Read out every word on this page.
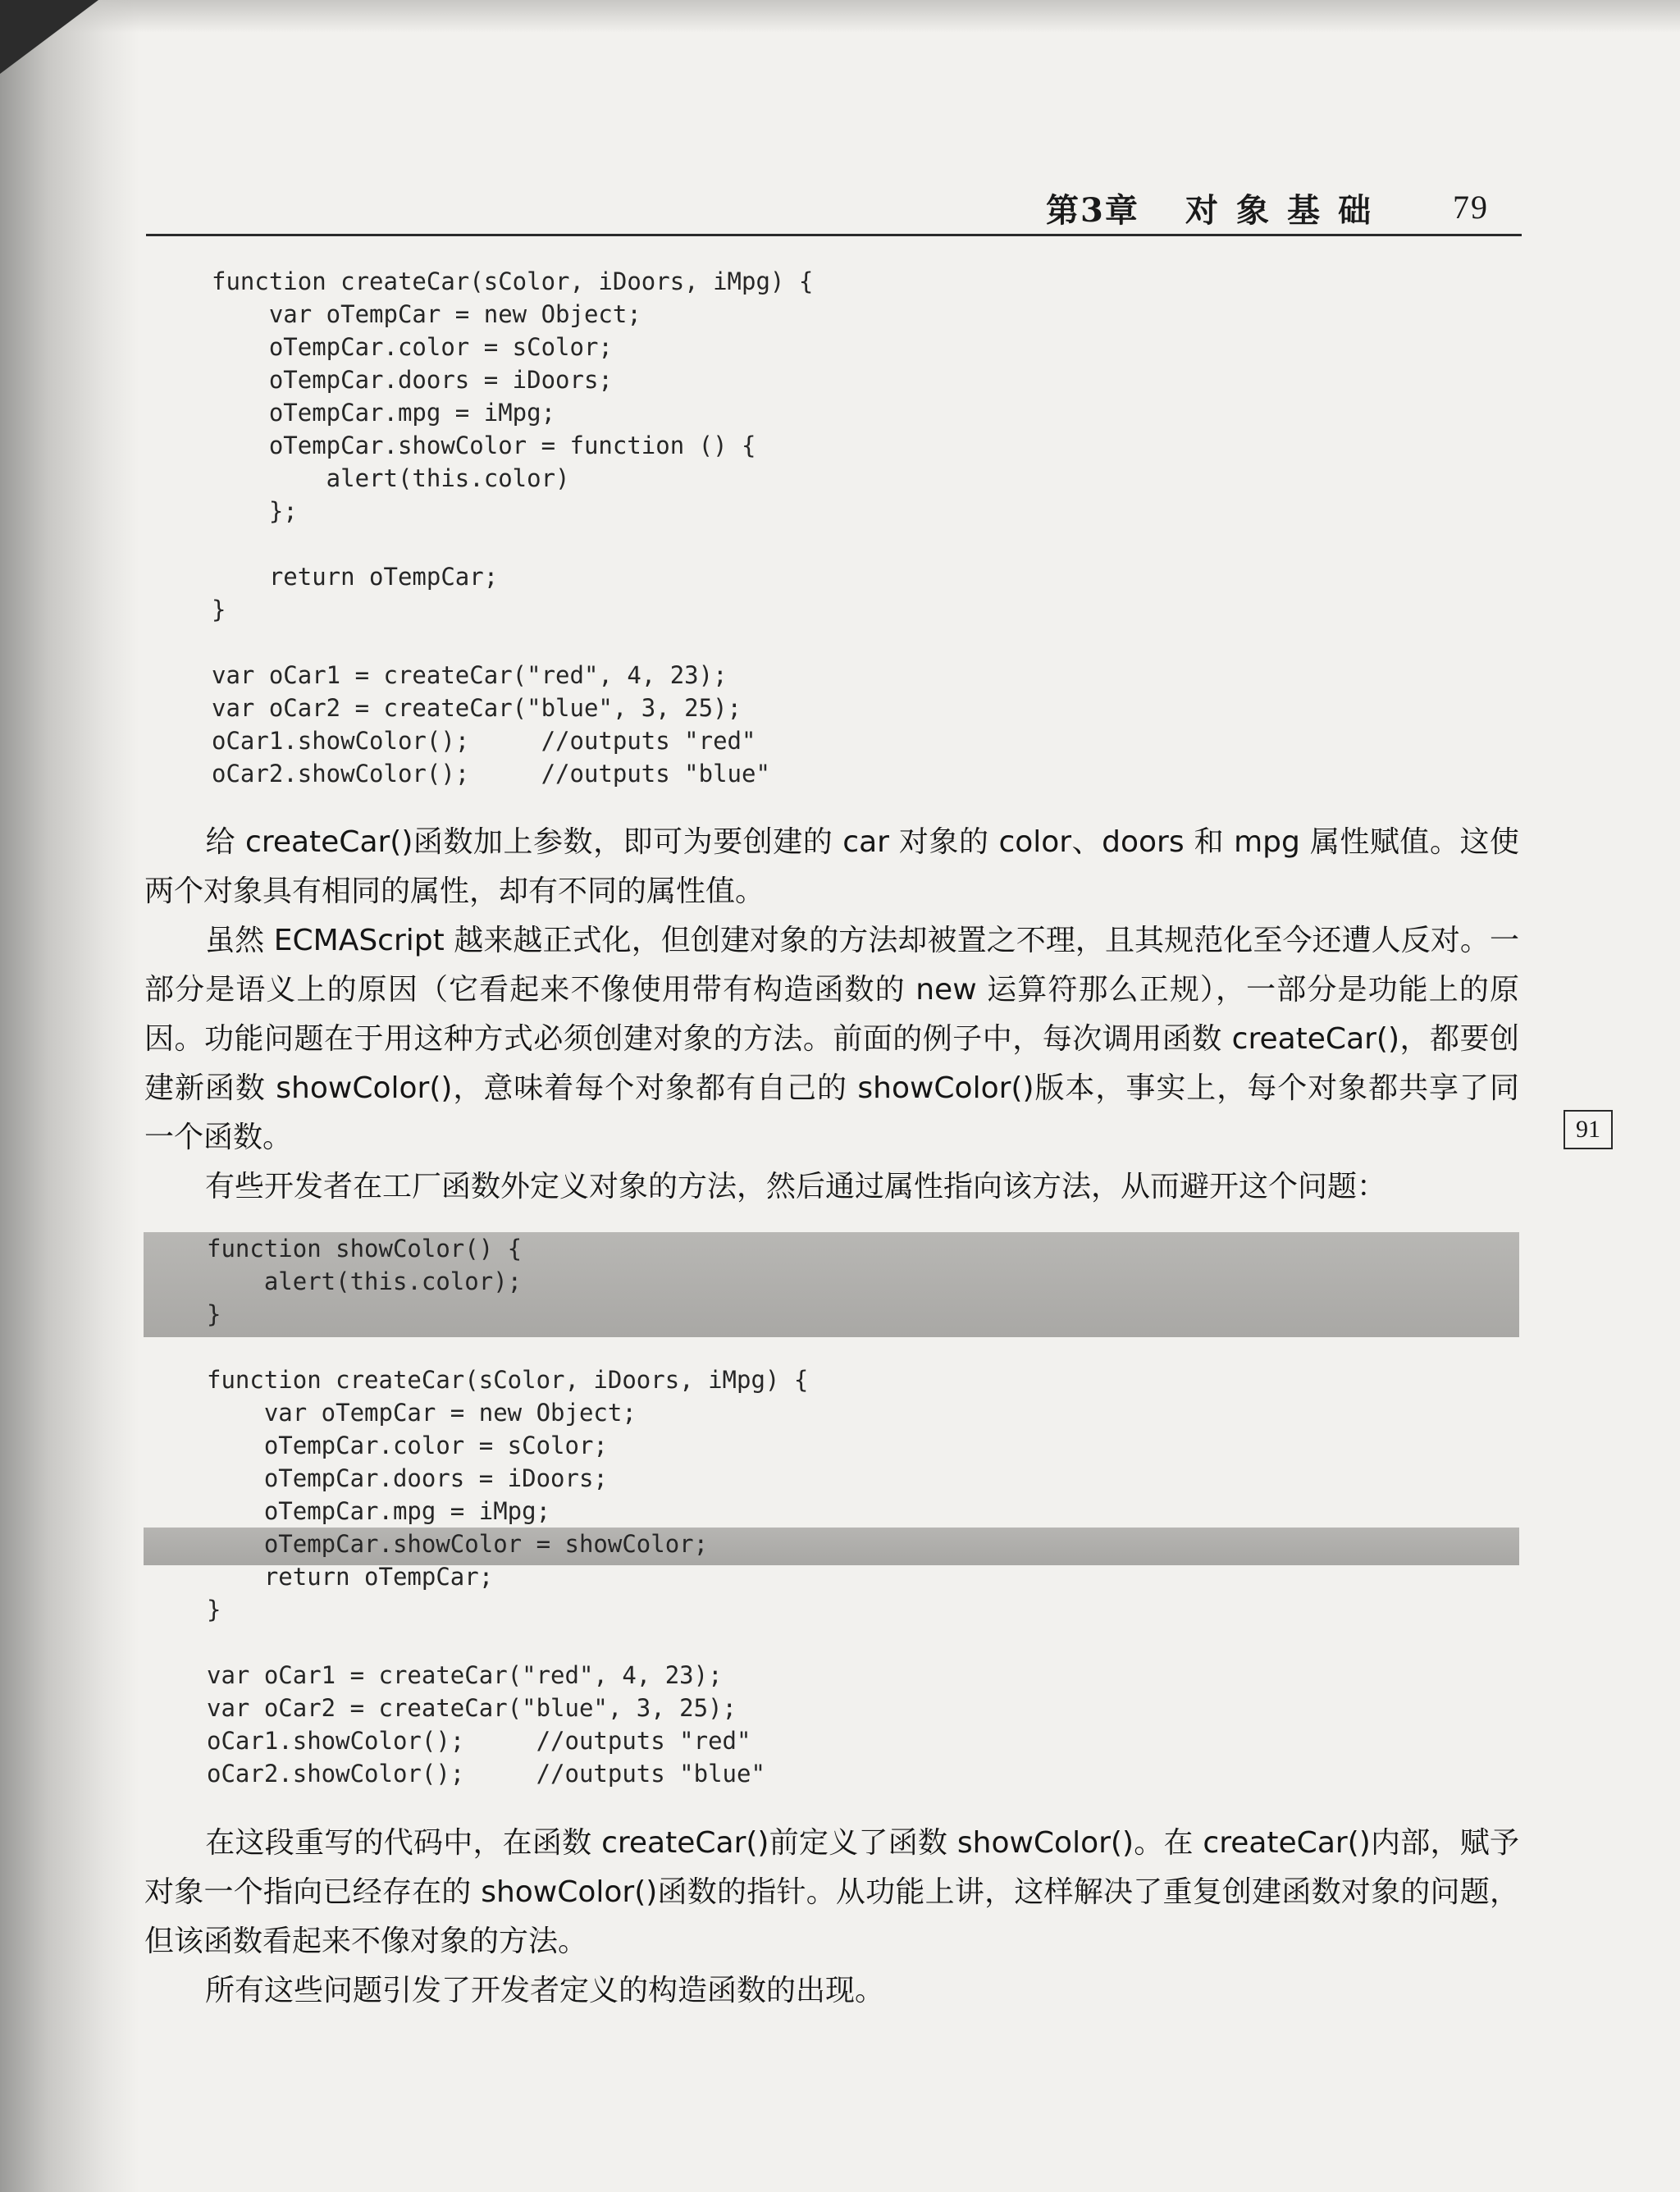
第3章 对象基础 79
91
function createCar(sColor, iDoors, iMpg) {
var oTempCar = new Object;
oTempCar.color = sColor;
oTempCar.doors = iDoors;
oTempCar.mpg = iMpg;
oTempCar.showColor = function () {
alert(this.color)
};
return oTempCar;
}
var oCar1 = createCar("red", 4, 23);
var oCar2 = createCar("blue", 3, 25);
oCar1.showColor();     //outputs "red"
oCar2.showColor();     //outputs "blue"

给 createCar()函数加上参数，即可为要创建的 car 对象的 color、doors 和 mpg 属性赋值。这使两个对象具有相同的属性，却有不同的属性值。

虽然 ECMAScript 越来越正式化，但创建对象的方法却被置之不理，且其规范化至今还遭人反对。一部分是语义上的原因（它看起来不像使用带有构造函数的 new 运算符那么正规），一部分是功能上的原因。功能问题在于用这种方式必须创建对象的方法。前面的例子中，每次调用函数 createCar()，都要创建新函数 showColor()，意味着每个对象都有自己的 showColor()版本，事实上，每个对象都共享了同一个函数。

有些开发者在工厂函数外定义对象的方法，然后通过属性指向该方法，从而避开这个问题：

function showColor() {
alert(this.color);
}
function createCar(sColor, iDoors, iMpg) {
var oTempCar = new Object;
oTempCar.color = sColor;
oTempCar.doors = iDoors;
oTempCar.mpg = iMpg;
oTempCar.showColor = showColor;
return oTempCar;
}
var oCar1 = createCar("red", 4, 23);
var oCar2 = createCar("blue", 3, 25);
oCar1.showColor();     //outputs "red"
oCar2.showColor();     //outputs "blue"

在这段重写的代码中，在函数 createCar()前定义了函数 showColor()。在 createCar()内部，赋予对象一个指向已经存在的 showColor()函数的指针。从功能上讲，这样解决了重复创建函数对象的问题，但该函数看起来不像对象的方法。

所有这些问题引发了开发者定义的构造函数的出现。
